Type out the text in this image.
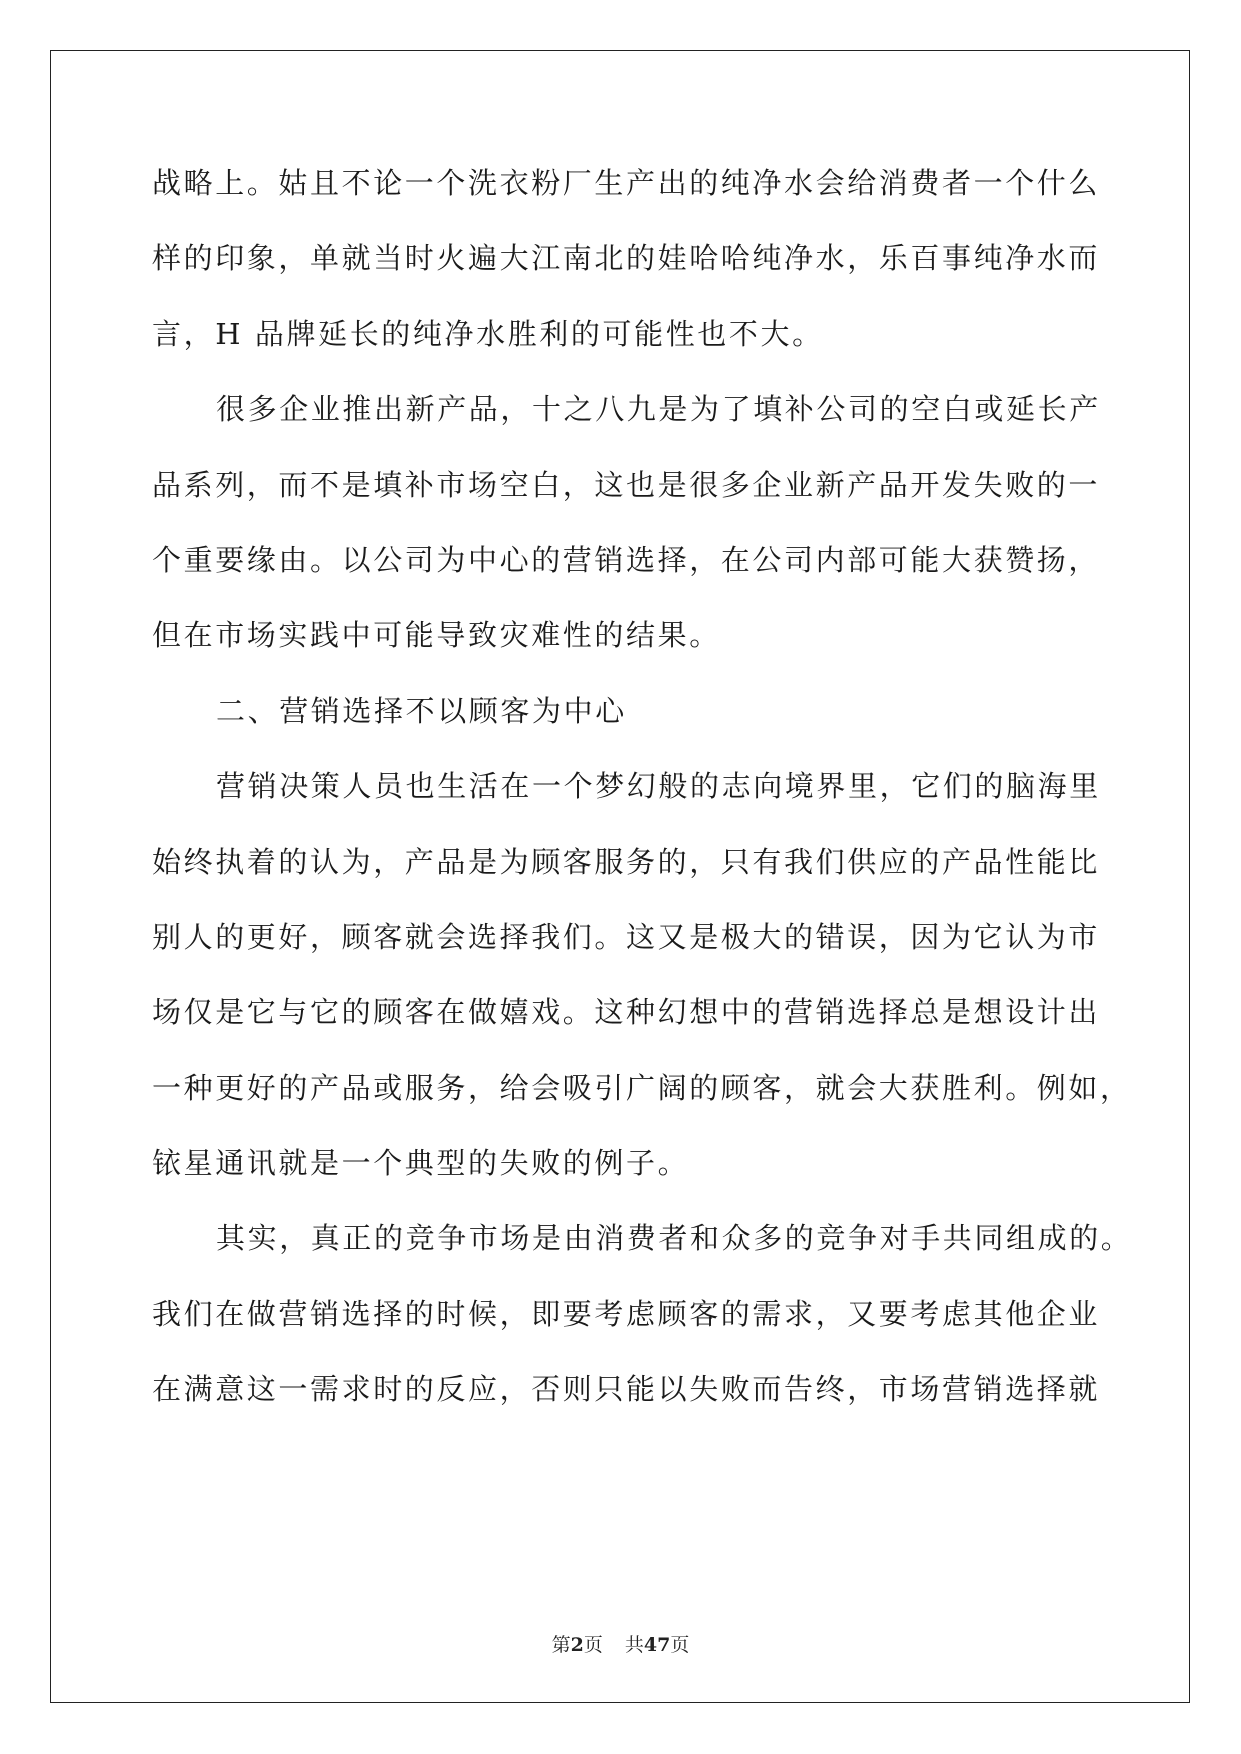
战略上。姑且不论一个洗衣粉厂生产出的纯净水会给消费者一个什么
样的印象，单就当时火遍大江南北的娃哈哈纯净水，乐百事纯净水而
言，H 品牌延长的纯净水胜利的可能性也不大。
很多企业推出新产品，十之八九是为了填补公司的空白或延长产
品系列，而不是填补市场空白，这也是很多企业新产品开发失败的一
个重要缘由。以公司为中心的营销选择，在公司内部可能大获赞扬，
但在市场实践中可能导致灾难性的结果。
二、营销选择不以顾客为中心
营销决策人员也生活在一个梦幻般的志向境界里，它们的脑海里
始终执着的认为，产品是为顾客服务的，只有我们供应的产品性能比
别人的更好，顾客就会选择我们。这又是极大的错误，因为它认为市
场仅是它与它的顾客在做嬉戏。这种幻想中的营销选择总是想设计出
一种更好的产品或服务，给会吸引广阔的顾客，就会大获胜利。例如，
铱星通讯就是一个典型的失败的例子。
其实，真正的竞争市场是由消费者和众多的竞争对手共同组成的。
我们在做营销选择的时候，即要考虑顾客的需求，又要考虑其他企业
在满意这一需求时的反应，否则只能以失败而告终，市场营销选择就
第2页 共47页
